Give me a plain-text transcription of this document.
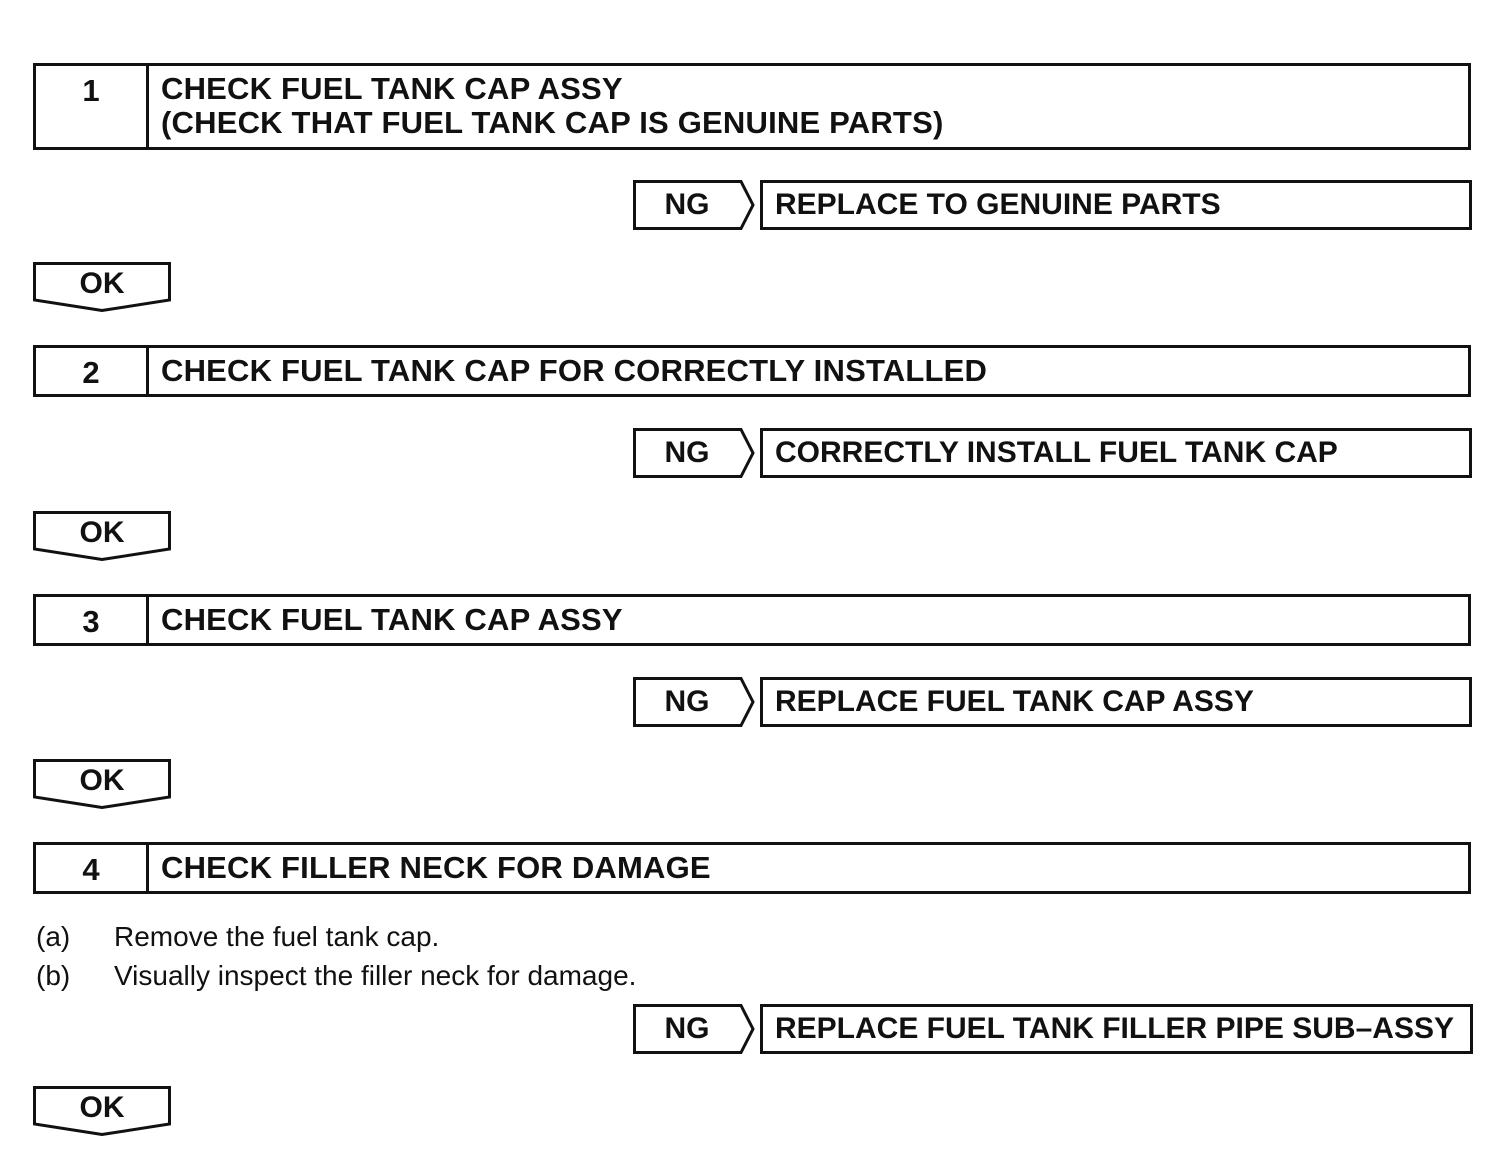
1	CHECK FUEL TANK CAP ASSY
(CHECK THAT FUEL TANK CAP IS GENUINE PARTS)
NG	REPLACE TO GENUINE PARTS
OK
2	CHECK FUEL TANK CAP FOR CORRECTLY INSTALLED
NG	CORRECTLY INSTALL FUEL TANK CAP
OK
3	CHECK FUEL TANK CAP ASSY
NG	REPLACE FUEL TANK CAP ASSY
OK
4	CHECK FILLER NECK FOR DAMAGE
(a) Remove the fuel tank cap.
(b) Visually inspect the filler neck for damage.
NG	REPLACE FUEL TANK FILLER PIPE SUB–ASSY
OK
